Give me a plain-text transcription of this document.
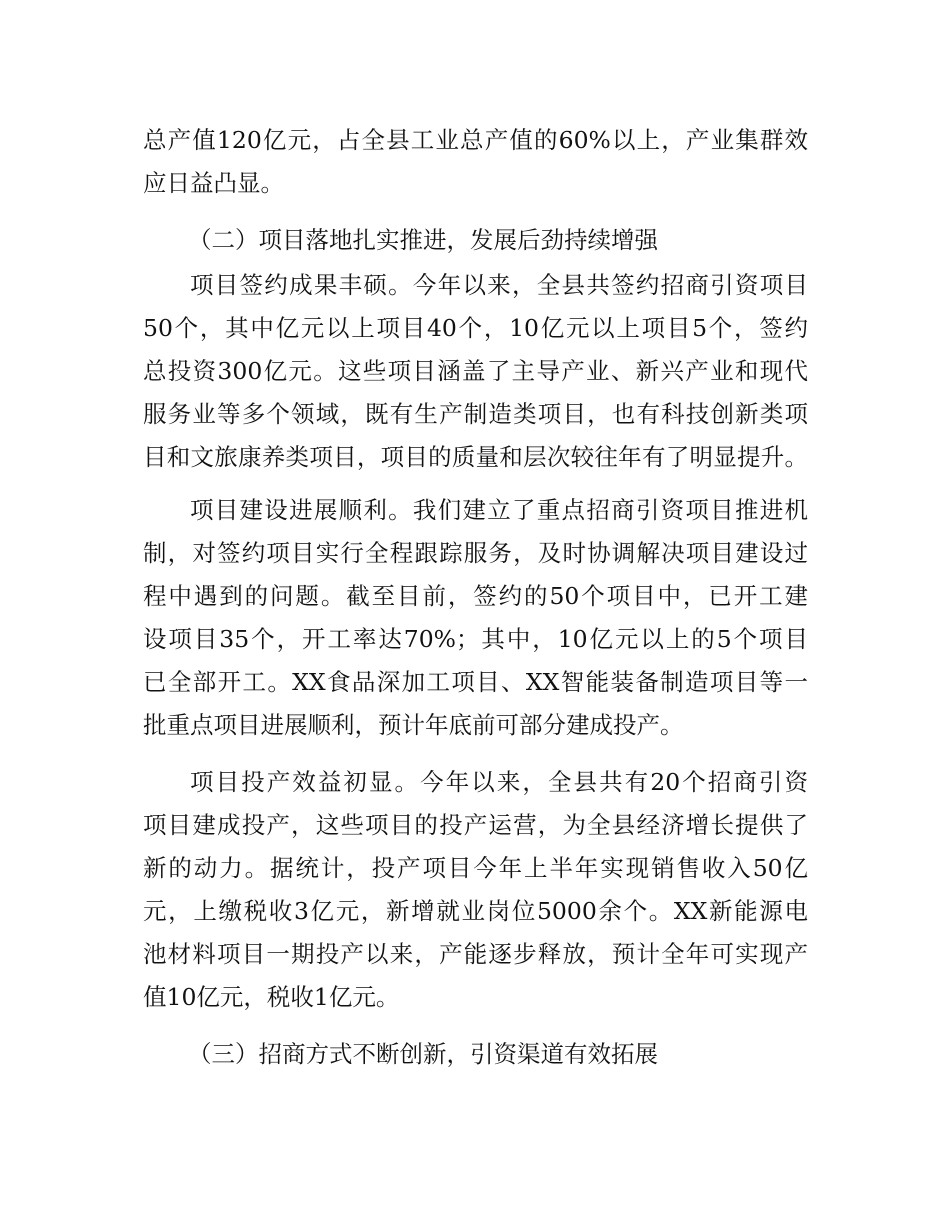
总产值120亿元，占全县工业总产值的60%以上，产业集群效
应日益凸显。
（二）项目落地扎实推进，发展后劲持续增强
项目签约成果丰硕。今年以来，全县共签约招商引资项目
50个，其中亿元以上项目40个，10亿元以上项目5个，签约
总投资300亿元。这些项目涵盖了主导产业、新兴产业和现代
服务业等多个领域，既有生产制造类项目，也有科技创新类项
目和文旅康养类项目，项目的质量和层次较往年有了明显提升。
项目建设进展顺利。我们建立了重点招商引资项目推进机
制，对签约项目实行全程跟踪服务，及时协调解决项目建设过
程中遇到的问题。截至目前，签约的50个项目中，已开工建
设项目35个，开工率达70%；其中，10亿元以上的5个项目
已全部开工。XX食品深加工项目、XX智能装备制造项目等一
批重点项目进展顺利，预计年底前可部分建成投产。
项目投产效益初显。今年以来，全县共有20个招商引资
项目建成投产，这些项目的投产运营，为全县经济增长提供了
新的动力。据统计，投产项目今年上半年实现销售收入50亿
元，上缴税收3亿元，新增就业岗位5000余个。XX新能源电
池材料项目一期投产以来，产能逐步释放，预计全年可实现产
值10亿元，税收1亿元。
（三）招商方式不断创新，引资渠道有效拓展
